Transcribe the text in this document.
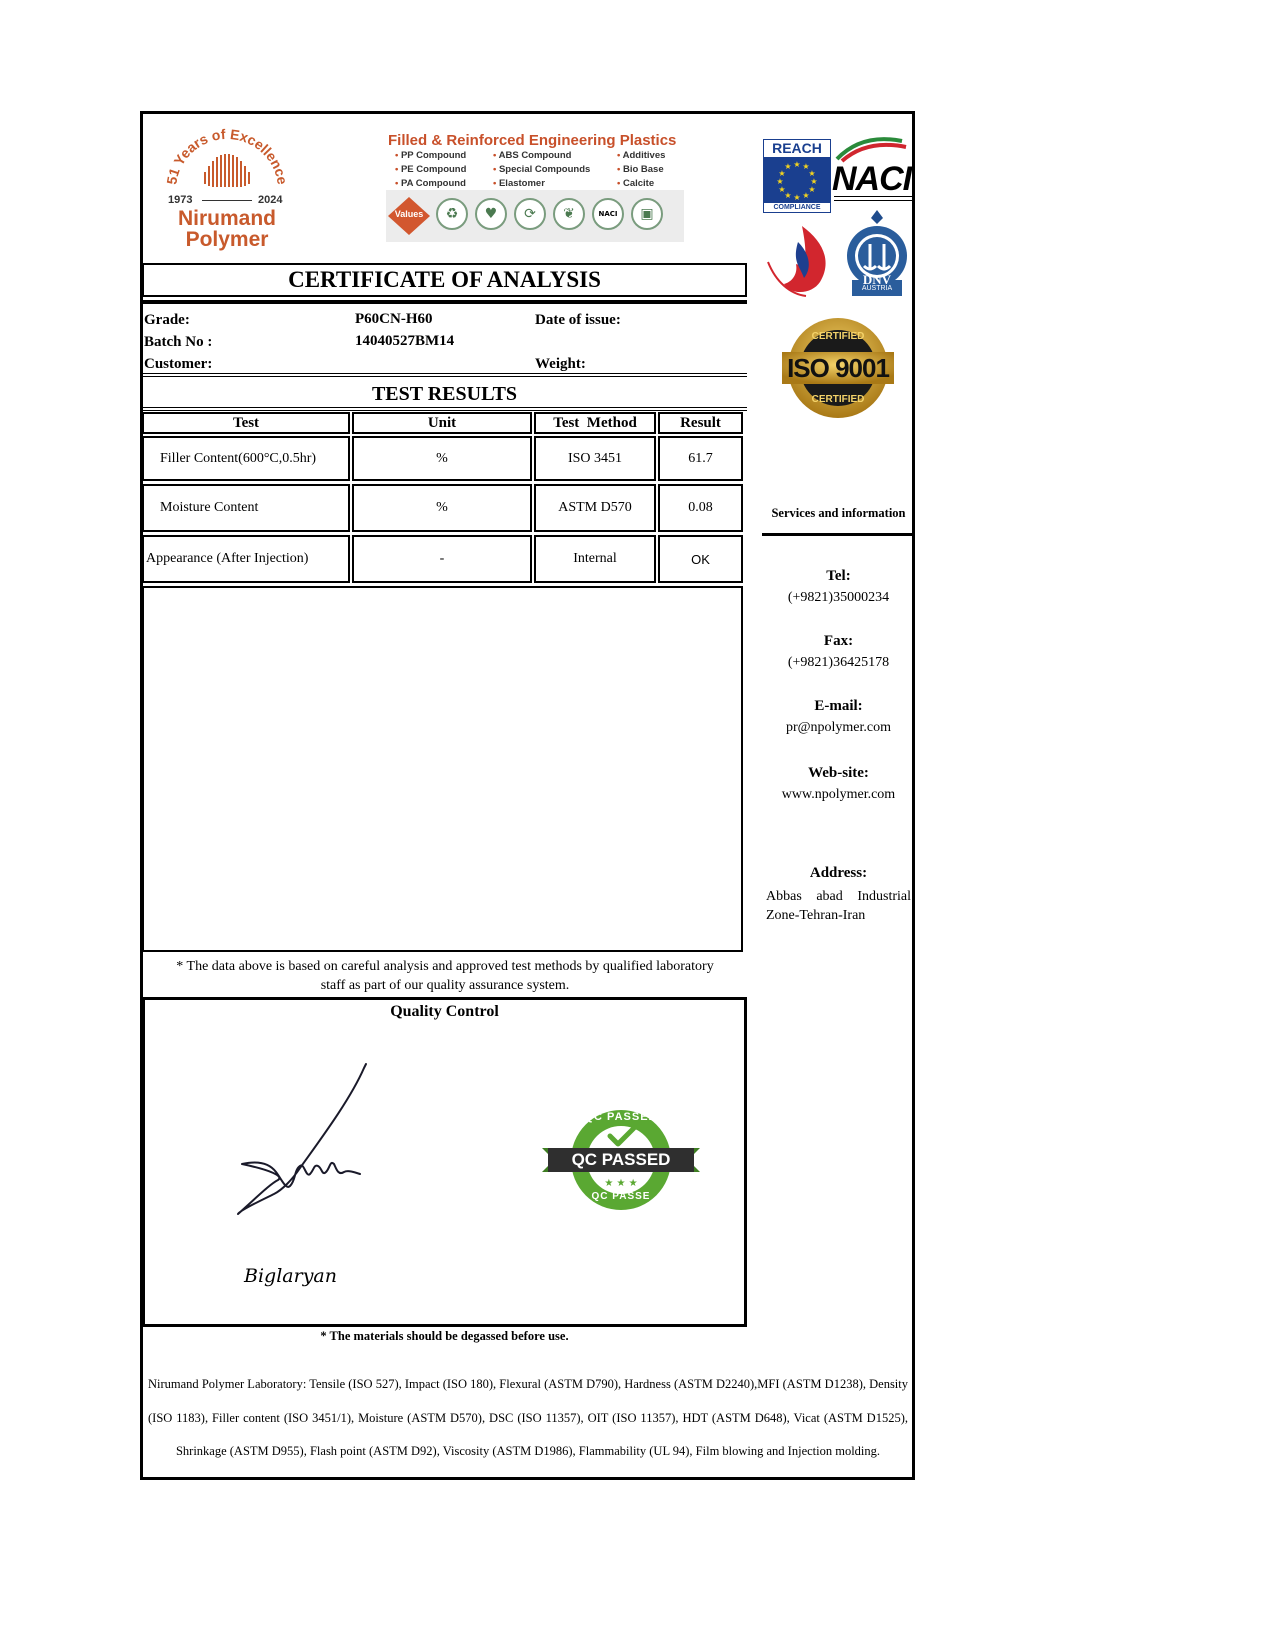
51 Years of Excellence
1973	2024
Nirumand
Polymer
Filled & Reinforced Engineering Plastics
• PP Compound	• ABS Compound	• Additives
• PE Compound	• Special Compounds	• Bio Base
• PA Compound	• Elastomer	• Calcite
Values	♻	♥	⟳	❦	NACI	▣
REACH
★ ★
★
★
★
★
★
★
★
★
★
★
COMPLIANCE
NACI
DNV
AUSTRIA
CERTIFIED
ISO 9001
CERTIFIED
CERTIFICATE OF ANALYSIS
Grade:	P60CN-H60	Date of issue:
Batch No :	14040527BM14
Customer:	Weight:
TEST RESULTS
Test	Unit	Test  Method	Result
Filler Content(600°C,0.5hr)	%	ISO 3451	61.7
Moisture Content	%	ASTM D570	0.08
Appearance (After Injection)	-	Internal	OK
* The data above is based on careful analysis and approved test methods by qualified laboratory
staff as part of our quality assurance system.
Quality Control
Biglaryan
★ ★ ★
QC PASSED
QC PASSED
QC PASSE
* The materials should be degassed before use.
Nirumand Polymer Laboratory: Tensile (ISO 527), Impact (ISO 180), Flexural (ASTM D790), Hardness (ASTM D2240),MFI (ASTM D1238), Density (ISO 1183), Filler content (ISO 3451/1), Moisture (ASTM D570), DSC (ISO 11357), OIT (ISO 11357), HDT (ASTM D648), Vicat (ASTM D1525), Shrinkage (ASTM D955), Flash point (ASTM D92), Viscosity (ASTM D1986), Flammability (UL 94), Film blowing and Injection molding.
Services and information
Tel:
(+9821)35000234
Fax:
(+9821)36425178
E-mail:
pr@npolymer.com
Web-site:
www.npolymer.com
Address:
Abbas abad Industrial Zone-Tehran-Iran
